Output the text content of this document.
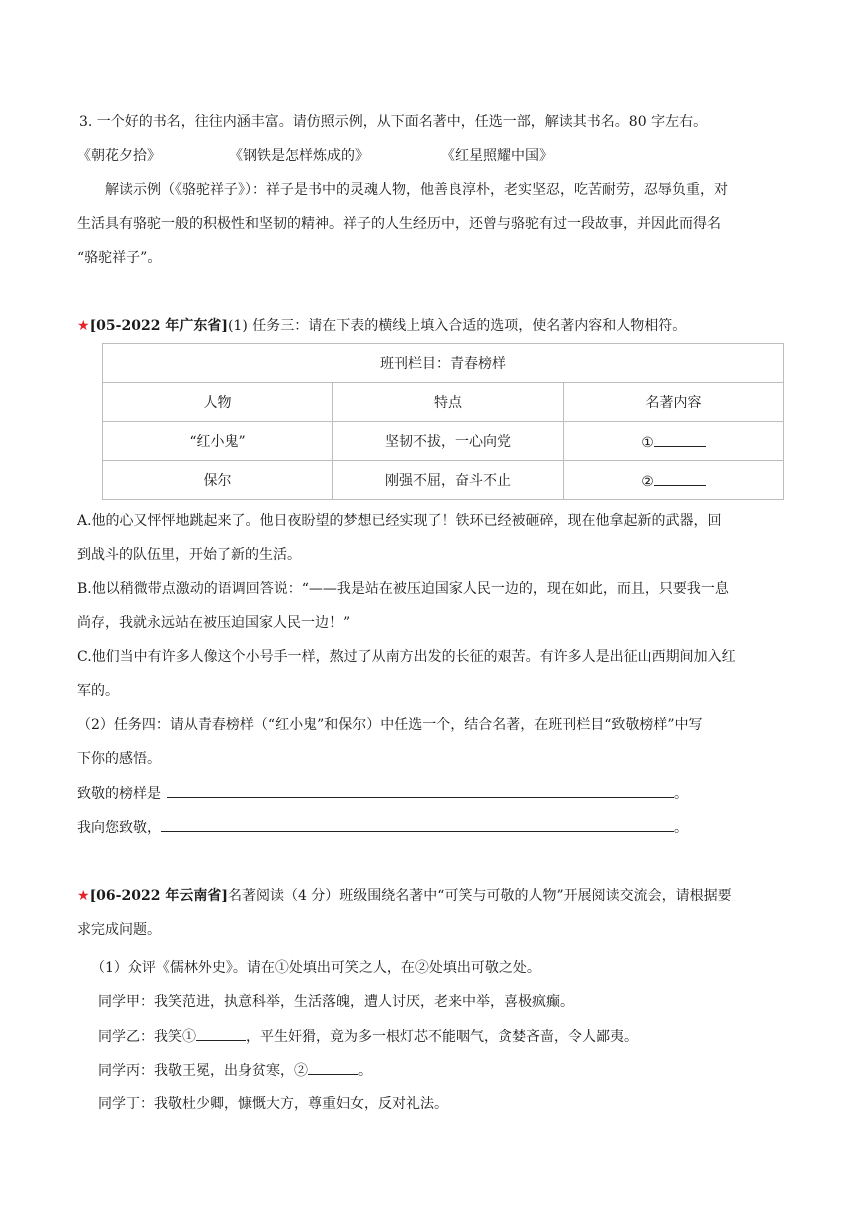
3. 一个好的书名，往往内涵丰富。请仿照示例，从下面名著中，任选一部，解读其书名。80 字左右。
《朝花夕拾》	《钢铁是怎样炼成的》	《红星照耀中国》
解读示例（《骆驼祥子》）：祥子是书中的灵魂人物，他善良淳朴，老实坚忍，吃苦耐劳，忍辱负重，对
生活具有骆驼一般的积极性和坚韧的精神。祥子的人生经历中，还曾与骆驼有过一段故事，并因此而得名
“骆驼祥子”。
★[05-2022 年广东省](1) 任务三：请在下表的横线上填入合适的选项，使名著内容和人物相符。
班刊栏目：青春榜样		
人物	特点	名著内容
“红小鬼”	坚韧不拔，一心向党	①
保尔	刚强不屈，奋斗不止	②
A.他的心又怦怦地跳起来了。他日夜盼望的梦想已经实现了！铁环已经被砸碎，现在他拿起新的武器，回
到战斗的队伍里，开始了新的生活。
B.他以稍微带点激动的语调回答说：“——我是站在被压迫国家人民一边的，现在如此，而且，只要我一息
尚存，我就永远站在被压迫国家人民一边！”
C.他们当中有许多人像这个小号手一样，熬过了从南方出发的长征的艰苦。有许多人是出征山西期间加入红
军的。
（2）任务四：请从青春榜样（“红小鬼”和保尔）中任选一个，结合名著，在班刊栏目“致敬榜样”中写
下你的感悟。
致敬的榜样是	。
我向您致敬，	。
★[06-2022 年云南省]名著阅读（4 分）班级围绕名著中“可笑与可敬的人物”开展阅读交流会，请根据要
求完成问题。
（1）众评《儒林外史》。请在①处填出可笑之人，在②处填出可敬之处。
同学甲：我笑范进，执意科举，生活落魄，遭人讨厌，老来中举，喜极疯癫。
同学乙：我笑①	，平生奸猾，竟为多一根灯芯不能咽气，贪婪吝啬，令人鄙夷。
同学丙：我敬王冕，出身贫寒，②	。
同学丁：我敬杜少卿，慷慨大方，尊重妇女，反对礼法。
